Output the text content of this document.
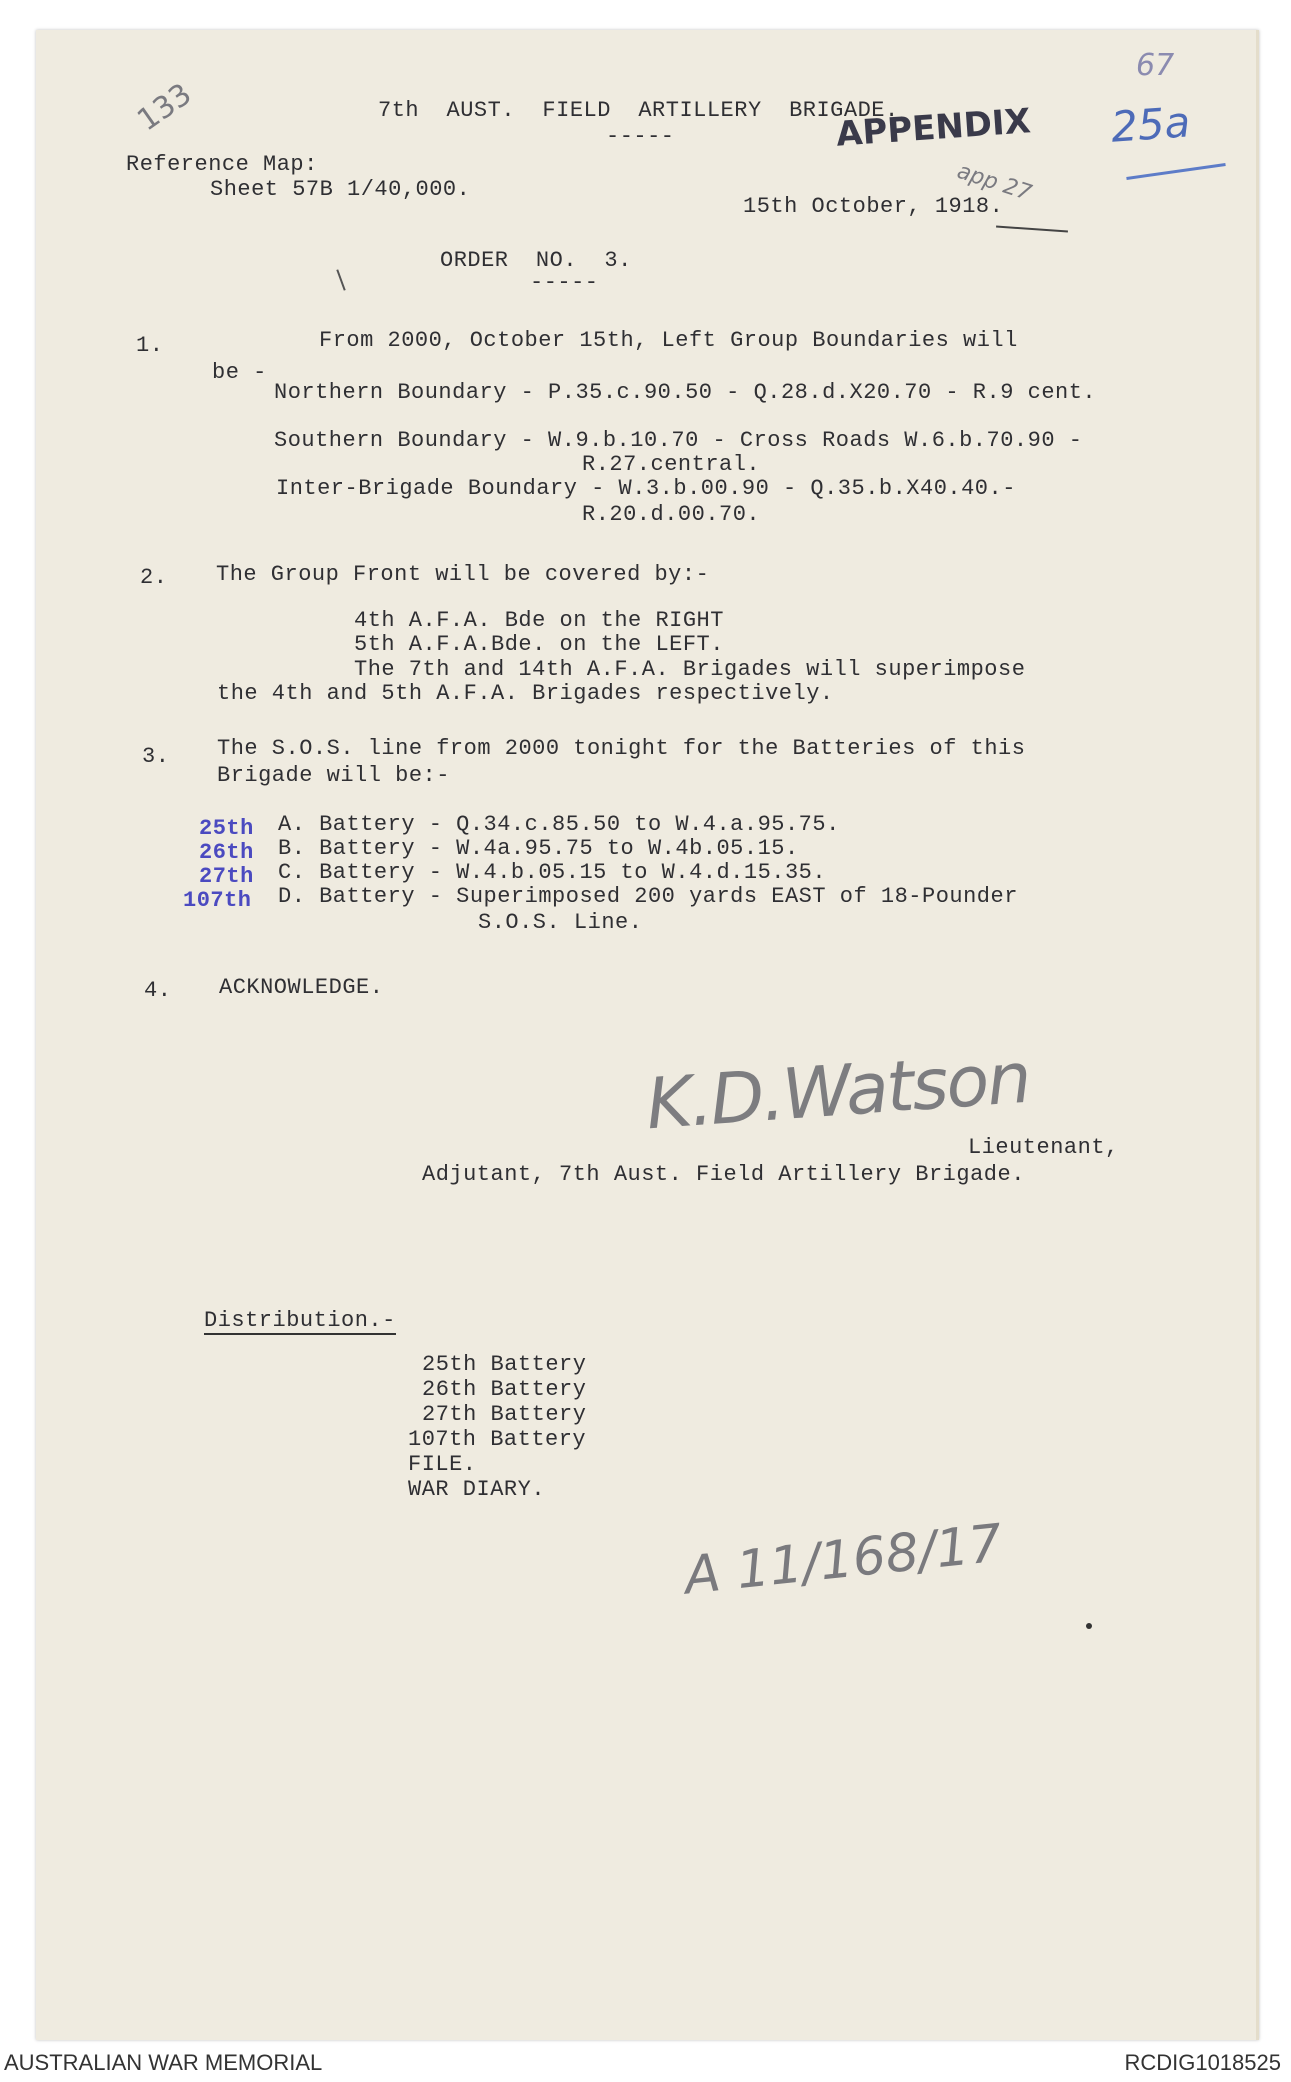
133	7th  AUST.  FIELD  ARTILLERY  BRIGADE.
-----	APPENDIX 25a
67
app 27
Reference Map:
Sheet 57B 1/40,000.
15th October, 1918.
ORDER  NO.  3.
-----
1.	From 2000, October 15th, Left Group Boundaries will
be -
Northern Boundary - P.35.c.90.50 - Q.28.d.X20.70 - R.9 cent.
Southern Boundary - W.9.b.10.70 - Cross Roads W.6.b.70.90 -
R.27.central.
Inter-Brigade Boundary - W.3.b.00.90 - Q.35.b.X40.40.-
R.20.d.00.70.
2. The Group Front will be covered by:-
4th A.F.A. Bde on the RIGHT
5th A.F.A.Bde. on the LEFT.
The 7th and 14th A.F.A. Brigades will superimpose
the 4th and 5th A.F.A. Brigades respectively.
3. The S.O.S. line from 2000 tonight for the Batteries of this
Brigade will be:-
25th A. Battery - Q.34.c.85.50 to W.4.a.95.75.
26th B. Battery - W.4a.95.75 to W.4b.05.15.
27th C. Battery - W.4.b.05.15 to W.4.d.15.35.
107th D. Battery - Superimposed 200 yards EAST of 18-Pounder
S.O.S. Line.
4. ACKNOWLEDGE.
K.D.Watson
Lieutenant,
Adjutant, 7th Aust. Field Artillery Brigade.
Distribution.-
25th Battery
26th Battery
27th Battery
107th Battery
FILE.
WAR DIARY.
A 11/168/17
AUSTRALIAN WAR MEMORIAL	RCDIG1018525
